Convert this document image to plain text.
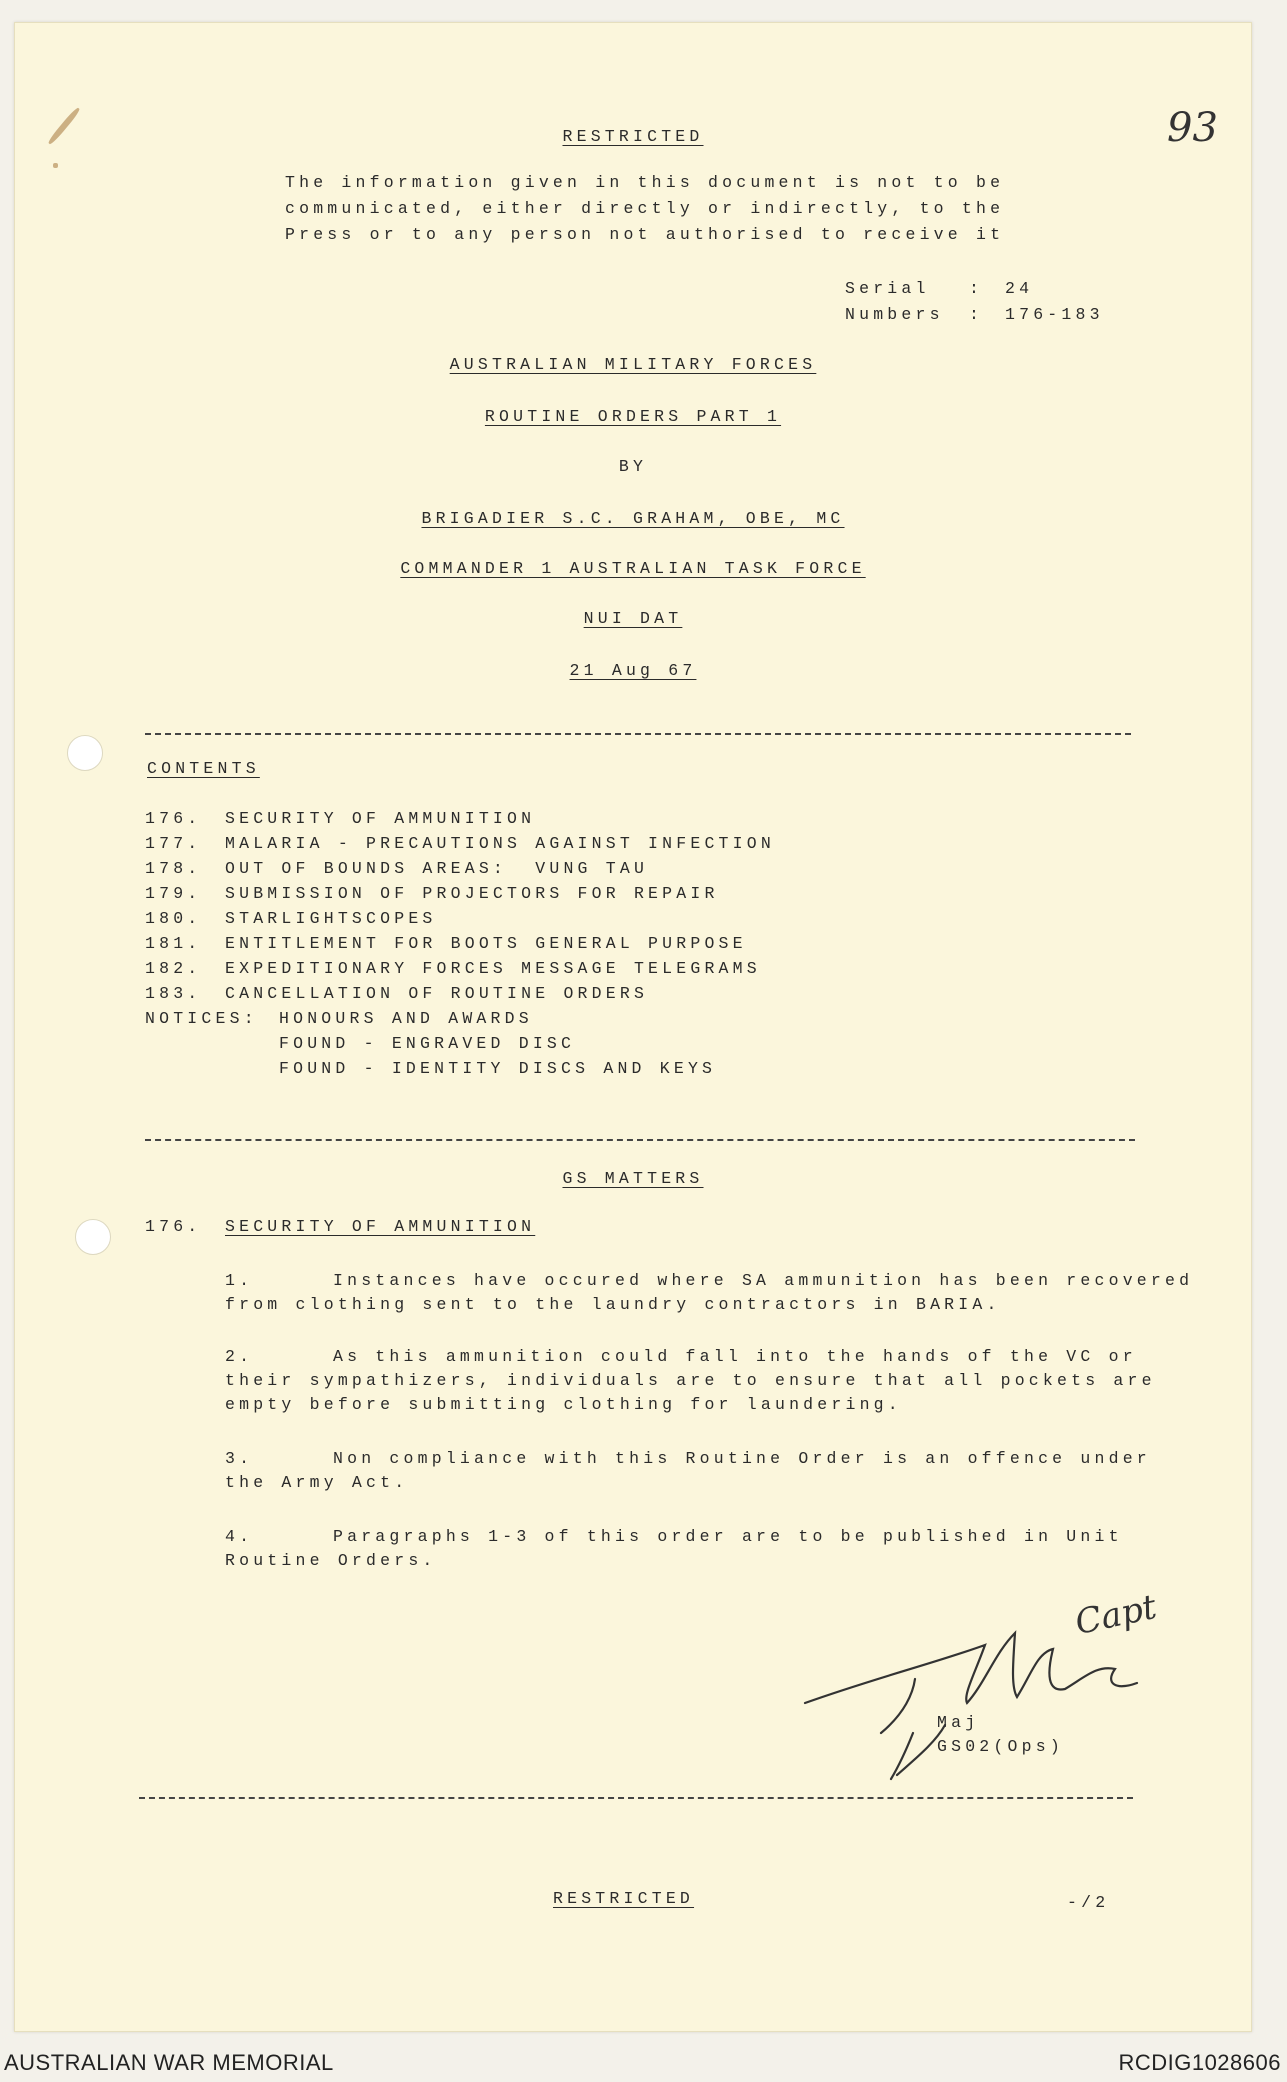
93
RESTRICTED
The information given in this document is not to be
communicated, either directly or indirectly, to the
Press or to any person not authorised to receive it
Serial : 24
Numbers : 176-183
AUSTRALIAN MILITARY FORCES
ROUTINE ORDERS PART 1
BY
BRIGADIER S.C. GRAHAM, OBE, MC
COMMANDER 1 AUSTRALIAN TASK FORCE
NUI DAT
21 Aug 67
CONTENTS
176. SECURITY OF AMMUNITION
177. MALARIA - PRECAUTIONS AGAINST INFECTION
178. OUT OF BOUNDS AREAS:  VUNG TAU
179. SUBMISSION OF PROJECTORS FOR REPAIR
180. STARLIGHTSCOPES
181. ENTITLEMENT FOR BOOTS GENERAL PURPOSE
182. EXPEDITIONARY FORCES MESSAGE TELEGRAMS
183. CANCELLATION OF ROUTINE ORDERS
NOTICES: HONOURS AND AWARDS
FOUND - ENGRAVED DISC
FOUND - IDENTITY DISCS AND KEYS
GS MATTERS
176. SECURITY OF AMMUNITION
1.	Instances have occured where SA ammunition has been recovered
from clothing sent to the laundry contractors in BARIA.
2.	As this ammunition could fall into the hands of the VC or
their sympathizers, individuals are to ensure that all pockets are
empty before submitting clothing for laundering.
3.	Non compliance with this Routine Order is an offence under
the Army Act.
4.	Paragraphs 1-3 of this order are to be published in Unit
Routine Orders.
Capt
Maj
GS02(Ops)
RESTRICTED	-/2
AUSTRALIAN WAR MEMORIAL	RCDIG1028606
